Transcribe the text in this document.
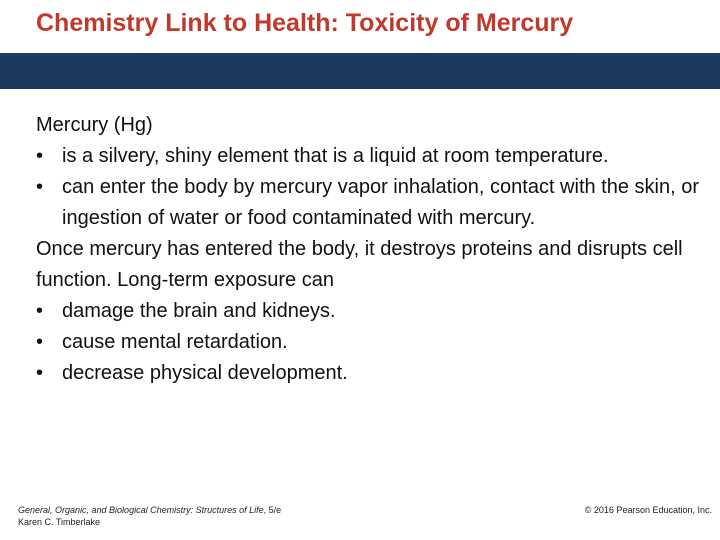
Chemistry Link to Health: Toxicity of Mercury

Mercury (Hg)

• is a silvery, shiny element that is a liquid at room temperature.
• can enter the body by mercury vapor inhalation, contact with the skin, or ingestion of water or food contaminated with mercury.

Once mercury has entered the body, it destroys proteins and disrupts cell function. Long-term exposure can

• damage the brain and kidneys.
• cause mental retardation.
• decrease physical development.
General, Organic, and Biological Chemistry: Structures of Life, 5/e
Karen C. Timberlake
© 2016 Pearson Education, Inc.
